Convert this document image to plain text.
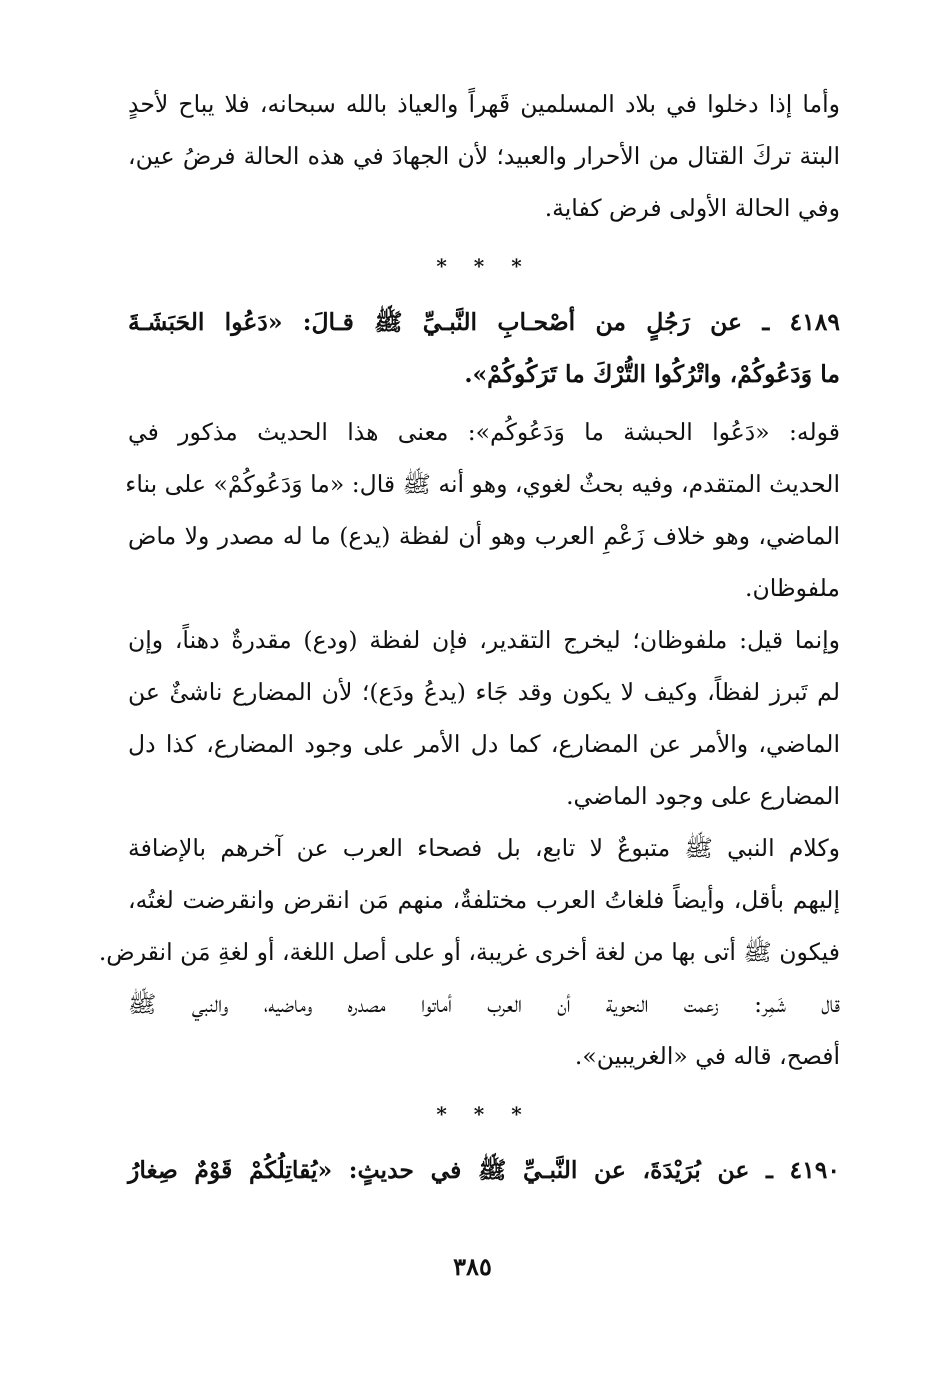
وأما إذا دخلوا في بلاد المسلمين قَهراً والعياذ بالله سبحانه، فلا يباح لأحدٍ
البتة تركَ القتال من الأحرار والعبيد؛ لأن الجهادَ في هذه الحالة فرضُ عين،
وفي الحالة الأولى فرض كفاية.
* * *
٤١٨٩ ـ عن رَجُلٍ من أصْحـابِ النَّبـيِّ ﷺ قـالَ: «دَعُوا الحَبَشَـةَ
ما وَدَعُوكُمْ، واتْرُكُوا التُّرْكَ ما تَرَكُوكُمْ».
قوله: «دَعُوا الحبشة ما وَدَعُوكُم»: معنى هذا الحديث مذكور في
الحديث المتقدم، وفيه بحثٌ لغوي، وهو أنه ﷺ قال: «ما وَدَعُوكُمْ» على بناء
الماضي، وهو خلاف زَعْمِ العرب وهو أن لفظة (يدع) ما له مصدر ولا ماض
ملفوظان.
وإنما قيل: ملفوظان؛ ليخرج التقدير، فإن لفظة (ودع) مقدرةٌ دهناً، وإن
لم تَبرز لفظاً، وكيف لا يكون وقد جَاء (يدعُ ودَع)؛ لأن المضارع ناشئٌ عن
الماضي، والأمر عن المضارع، كما دل الأمر على وجود المضارع، كذا دل
المضارع على وجود الماضي.
وكلام النبي ﷺ متبوعٌ لا تابع، بل فصحاء العرب عن آخرهم بالإضافة
إليهم بأقل، وأيضاً فلغاتُ العرب مختلفةٌ، منهم مَن انقرض وانقرضت لغتُه،
فيكون ﷺ أتى بها من لغة أخرى غريبة، أو على أصل اللغة، أو لغةِ مَن انقرض.
قال شَمِر: زعمت النحوية أن العرب أماتوا مصدره وماضيه، والنبي ﷺ
أفصح، قاله في «الغريبين».
* * *
٤١٩٠ ـ عن بُرَيْدَةَ، عن النَّبـيِّ ﷺ في حديثٍ: «يُقاتِلُكُمْ قَوْمٌ صِغارُ
٣٨٥
